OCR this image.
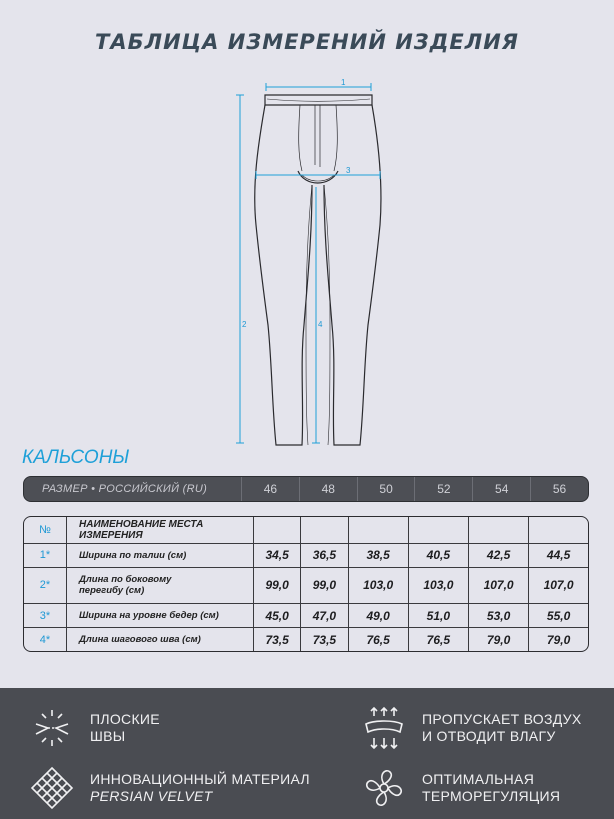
ТАБЛИЦА ИЗМЕРЕНИЙ ИЗДЕЛИЯ
1
2
3
4
КАЛЬСОНЫ
РАЗМЕР • РОССИЙСКИЙ (RU)	46	48	50	52	54	56
№	НАИМЕНОВАНИЕ МЕСТА
ИЗМЕРЕНИЯ						

1*	Ширина по талии (см)	34,5	36,5	38,5	40,5	42,5	44,5
2*	Длина по боковому
перегибу (см)	99,0	99,0	103,0	103,0	107,0	107,0
3*	Ширина на уровне бедер (см)	45,0	47,0	49,0	51,0	53,0	55,0
4*	Длина шагового шва (см)	73,5	73,5	76,5	76,5	79,0	79,0
ПЛОСКИЕ
ШВЫ
ПРОПУСКАЕТ ВОЗДУХ
И ОТВОДИТ ВЛАГУ
ИННОВАЦИОННЫЙ МАТЕРИАЛ
PERSIAN VELVET
ОПТИМАЛЬНАЯ
ТЕРМОРЕГУЛЯЦИЯ
